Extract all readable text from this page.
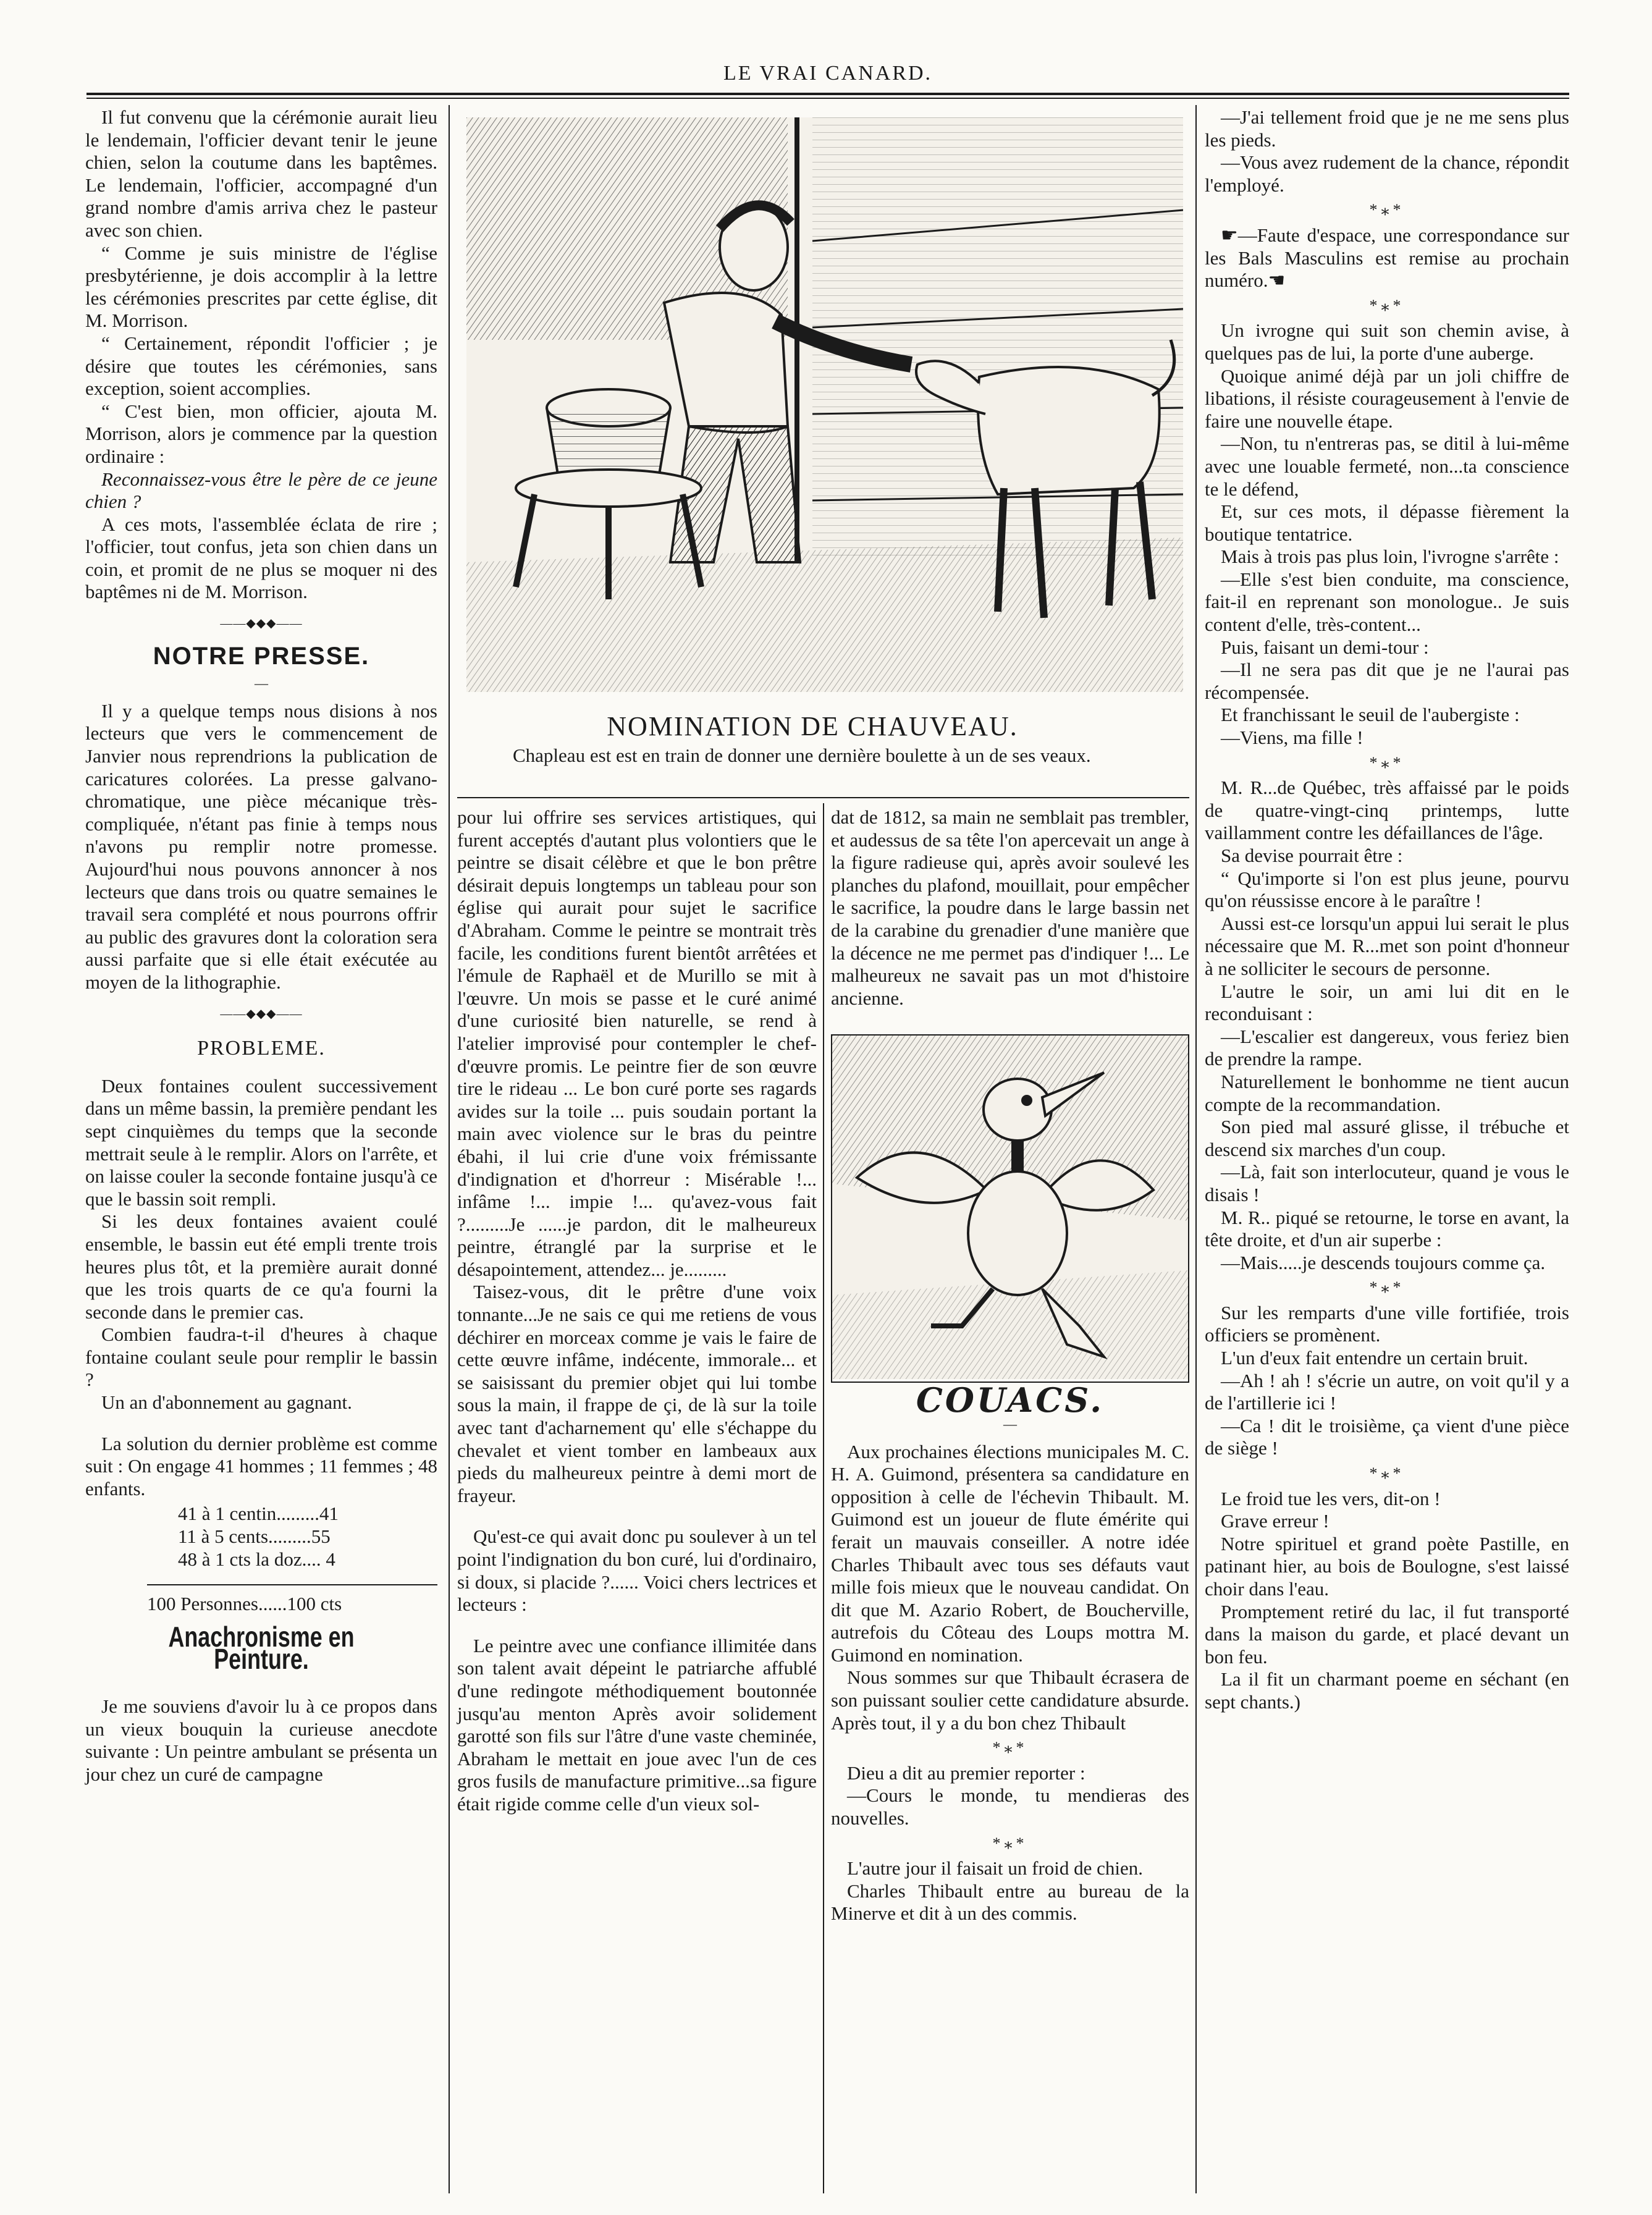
LE VRAI CANARD.

Il fut convenu que la cérémonie aurait lieu le lendemain, l'officier devant tenir le jeune chien, selon la coutume dans les baptêmes. Le lendemain, l'officier, accompagné d'un grand nombre d'amis arriva chez le pasteur avec son chien.

“ Comme je suis ministre de l'église presbytérienne, je dois accomplir à la lettre les cérémonies prescrites par cette église, dit M. Morrison.

“ Certainement, répondit l'officier ; je désire que toutes les cérémonies, sans exception, soient accomplies.

“ C'est bien, mon officier, ajouta M. Morrison, alors je commence par la question ordinaire :

Reconnaissez-vous être le père de ce jeune chien ?

A ces mots, l'assemblée éclata de rire ; l'officier, tout confus, jeta son chien dans un coin, et promit de ne plus se moquer ni des baptêmes ni de M. Morrison.

——◆◆◆——
NOTRE PRESSE.
—

Il y a quelque temps nous disions à nos lecteurs que vers le commencement de Janvier nous reprendrions la publication de caricatures colorées. La presse galvano-chromatique, une pièce mécanique très-compliquée, n'étant pas finie à temps nous n'avons pu remplir notre promesse. Aujourd'hui nous pouvons annoncer à nos lecteurs que dans trois ou quatre semaines le travail sera complété et nous pourrons offrir au public des gravures dont la coloration sera aussi parfaite que si elle était exécutée au moyen de la lithographie.

——◆◆◆——
PROBLEME.

Deux fontaines coulent successivement dans un même bassin, la première pendant les sept cinquièmes du temps que la seconde mettrait seule à le remplir. Alors on l'arrête, et on laisse couler la seconde fontaine jusqu'à ce que le bassin soit rempli.

Si les deux fontaines avaient coulé ensemble, le bassin eut été empli trente trois heures plus tôt, et la première aurait donné que les trois quarts de ce qu'a fourni la seconde dans le premier cas.

Combien faudra-t-il d'heures à chaque fontaine coulant seule pour remplir le bassin ?

Un an d'abonnement au gagnant.

La solution du dernier problème est comme suit : On engage 41 hommes ; 11 femmes ; 48 enfants.

41 à 1 centin.........41
11 à 5 cents.........55
48 à 1 cts la doz.... 4
100 Personnes......100 cts
Anachronisme en Peinture.

Je me souviens d'avoir lu à ce propos dans un vieux bouquin la curieuse anecdote suivante : Un peintre ambulant se présenta un jour chez un curé de campagne

NOMINATION DE CHAUVEAU.
Chapleau est est en train de donner une dernière boulette à un de ses veaux.

pour lui offrire ses services artistiques, qui furent acceptés d'autant plus volontiers que le peintre se disait célèbre et que le bon prêtre désirait depuis longtemps un tableau pour son église qui aurait pour sujet le sacrifice d'Abraham. Comme le peintre se montrait très facile, les conditions furent bientôt arrêtées et l'émule de Raphaël et de Murillo se mit à l'œuvre. Un mois se passe et le curé animé d'une curiosité bien naturelle, se rend à l'atelier improvisé pour contempler le chef-d'œuvre promis. Le peintre fier de son œuvre tire le rideau ... Le bon curé porte ses ragards avides sur la toile ... puis soudain portant la main avec violence sur le bras du peintre ébahi, il lui crie d'une voix frémissante d'indignation et d'horreur : Misérable !... infâme !... impie !... qu'avez-vous fait ?.........Je ......je pardon, dit le malheureux peintre, étranglé par la surprise et le désapointement, attendez... je.........

Taisez-vous, dit le prêtre d'une voix tonnante...Je ne sais ce qui me retiens de vous déchirer en morceax comme je vais le faire de cette œuvre infâme, indécente, immorale... et se saisissant du premier objet qui lui tombe sous la main, il frappe de çi, de là sur la toile avec tant d'acharnement qu' elle s'échappe du chevalet et vient tomber en lambeaux aux pieds du malheureux peintre à demi mort de frayeur.

Qu'est-ce qui avait donc pu soulever à un tel point l'indignation du bon curé, lui d'ordinairo, si doux, si placide ?...... Voici chers lectrices et lecteurs :

Le peintre avec une confiance illimitée dans son talent avait dépeint le patriarche affublé d'une redingote méthodiquement boutonnée jusqu'au menton Après avoir solidement garotté son fils sur l'âtre d'une vaste cheminée, Abraham le mettait en joue avec l'un de ces gros fusils de manufacture primitive...sa figure était rigide comme celle d'un vieux sol-

dat de 1812, sa main ne semblait pas trembler, et audessus de sa tête l'on apercevait un ange à la figure radieuse qui, après avoir soulevé les planches du plafond, mouillait, pour empêcher le sacrifice, la poudre dans le large bassin net de la carabine du grenadier d'une manière que la décence ne me permet pas d'indiquer !... Le malheureux ne savait pas un mot d'histoire ancienne.

COUACS.
—

Aux prochaines élections municipales M. C. H. A. Guimond, présentera sa candidature en opposition à celle de l'échevin Thibault. M. Guimond est un joueur de flute émérite qui ferait un mauvais conseiller. A notre idée Charles Thibault avec tous ses défauts vaut mille fois mieux que le nouveau candidat. On dit que M. Azario Robert, de Boucherville, autrefois du Côteau des Loups mottra M. Guimond en nomination.

Nous sommes sur que Thibault écrasera de son puissant soulier cette candidature absurde. Après tout, il y a du bon chez Thibault

*⁎*

Dieu a dit au premier reporter :

—Cours le monde, tu mendieras des nouvelles.

*⁎*

L'autre jour il faisait un froid de chien.

Charles Thibault entre au bureau de la Minerve et dit à un des commis.

—J'ai tellement froid que je ne me sens plus les pieds.

—Vous avez rudement de la chance, répondit l'employé.

*⁎*

☛—Faute d'espace, une correspondance sur les Bals Masculins est remise au prochain numéro.☚

*⁎*

Un ivrogne qui suit son chemin avise, à quelques pas de lui, la porte d'une auberge.

Quoique animé déjà par un joli chiffre de libations, il résiste courageusement à l'envie de faire une nouvelle étape.

—Non, tu n'entreras pas, se ditil à lui-même avec une louable fermeté, non...ta conscience te le défend,

Et, sur ces mots, il dépasse fièrement la boutique tentatrice.

Mais à trois pas plus loin, l'ivrogne s'arrête :

—Elle s'est bien conduite, ma conscience, fait-il en reprenant son monologue.. Je suis content d'elle, très-content...

Puis, faisant un demi-tour :

—Il ne sera pas dit que je ne l'aurai pas récompensée.

Et franchissant le seuil de l'aubergiste :

—Viens, ma fille !

*⁎*

M. R...de Québec, très affaissé par le poids de quatre-vingt-cinq printemps, lutte vaillamment contre les défaillances de l'âge.

Sa devise pourrait être :

“ Qu'importe si l'on est plus jeune, pourvu qu'on réussisse encore à le paraître !

Aussi est-ce lorsqu'un appui lui serait le plus nécessaire que M. R...met son point d'honneur à ne solliciter le secours de personne.

L'autre le soir, un ami lui dit en le reconduisant :

—L'escalier est dangereux, vous feriez bien de prendre la rampe.

Naturellement le bonhomme ne tient aucun compte de la recommandation.

Son pied mal assuré glisse, il trébuche et descend six marches d'un coup.

—Là, fait son interlocuteur, quand je vous le disais !

M. R.. piqué se retourne, le torse en avant, la tête droite, et d'un air superbe :

—Mais.....je descends toujours comme ça.

*⁎*

Sur les remparts d'une ville fortifiée, trois officiers se promènent.

L'un d'eux fait entendre un certain bruit.

—Ah ! ah ! s'écrie un autre, on voit qu'il y a de l'artillerie ici !

—Ca ! dit le troisième, ça vient d'une pièce de siège !

*⁎*

Le froid tue les vers, dit-on !

Grave erreur !

Notre spirituel et grand poète Pastille, en patinant hier, au bois de Boulogne, s'est laissé choir dans l'eau.

Promptement retiré du lac, il fut transporté dans la maison du garde, et placé devant un bon feu.

La il fit un charmant poeme en séchant (en sept chants.)
